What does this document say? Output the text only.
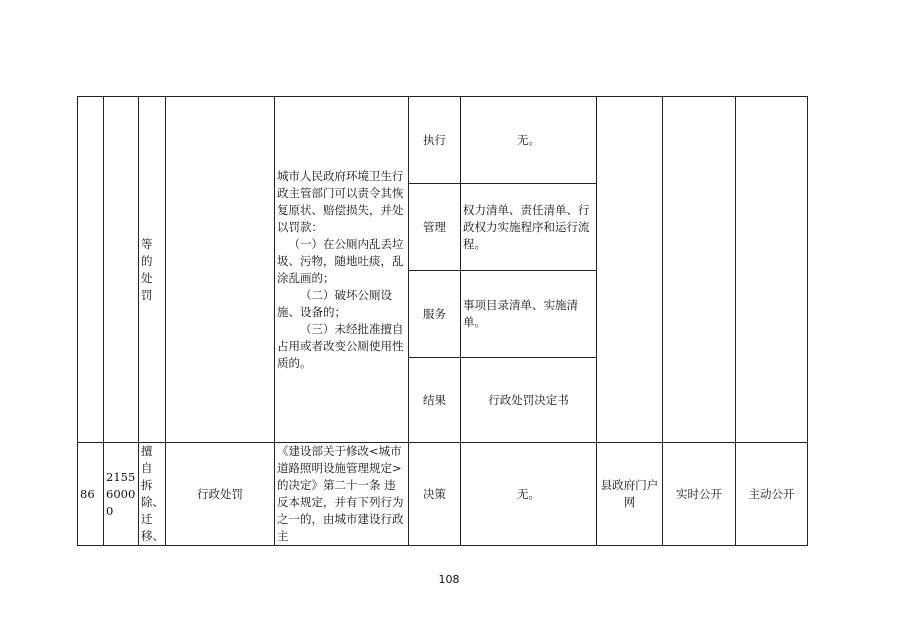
		等的处罚		城市人民政府环境卫生行政主管部门可以责令其恢复原状、赔偿损失，并处以罚款：
（一）在公厕内乱丢垃圾、污物，随地吐痰，乱涂乱画的；
（二）破坏公厕设施、设备的；
（三）未经批准擅自占用或者改变公厕使用性质的。	执行	无。			
					管理	权力清单、责任清单、行政权力实施程序和运行流程。			
					服务	事项目录清单、实施清单。			
					结果	行政处罚决定书			
86	215560000	擅自拆除、迁移、	行政处罚	《建设部关于修改<城市道路照明设施管理规定>的决定》第二十一条 违反本规定，并有下列行为之一的，由城市建设行政主	决策	无。	县政府门户网	实时公开	主动公开
108
